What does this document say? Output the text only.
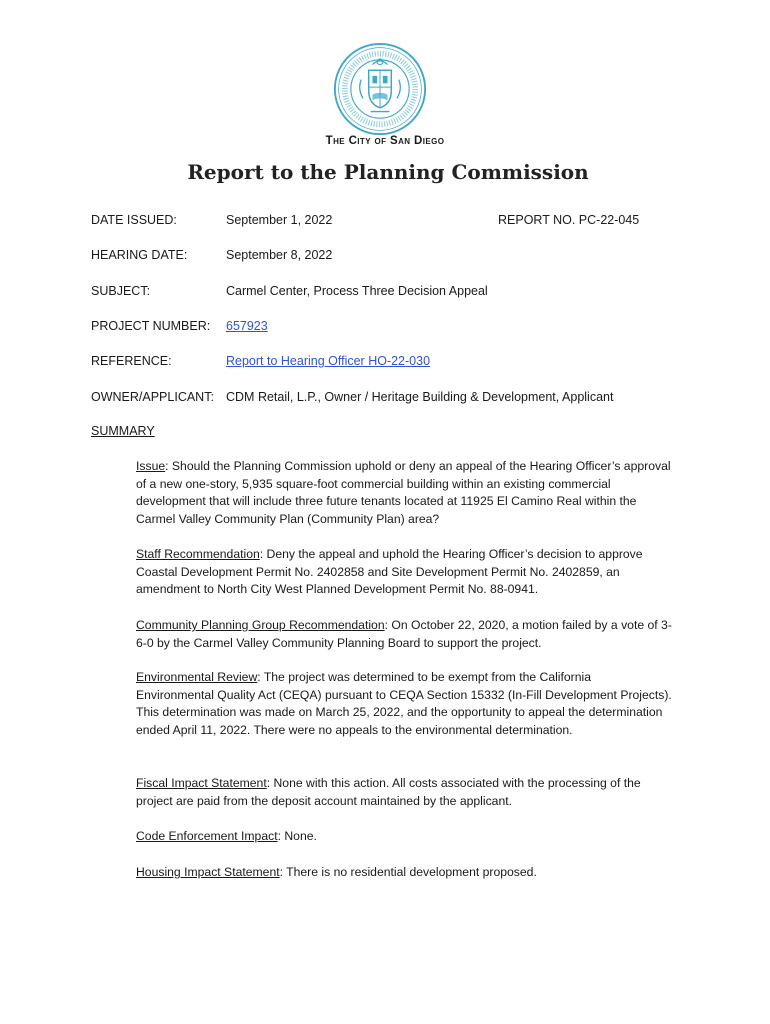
The City of San Diego
Report to the Planning Commission
DATE ISSUED:	September 1, 2022	REPORT NO. PC-22-045
HEARING DATE:	September 8, 2022
SUBJECT:	Carmel Center, Process Three Decision Appeal
PROJECT NUMBER: 657923
REFERENCE:	Report to Hearing Officer HO-22-030
OWNER/APPLICANT: CDM Retail, L.P., Owner / Heritage Building & Development, Applicant
SUMMARY
Issue: Should the Planning Commission uphold or deny an appeal of the Hearing Officer’s approval of a new one-story, 5,935 square-foot commercial building within an existing commercial development that will include three future tenants located at 11925 El Camino Real within the Carmel Valley Community Plan (Community Plan) area?
Staff Recommendation: Deny the appeal and uphold the Hearing Officer’s decision to approve Coastal Development Permit No. 2402858 and Site Development Permit No. 2402859, an amendment to North City West Planned Development Permit No. 88-0941.
Community Planning Group Recommendation: On October 22, 2020, a motion failed by a vote of 3-6-0 by the Carmel Valley Community Planning Board to support the project.
Environmental Review: The project was determined to be exempt from the California Environmental Quality Act (CEQA) pursuant to CEQA Section 15332 (In-Fill Development Projects). This determination was made on March 25, 2022, and the opportunity to appeal the determination ended April 11, 2022. There were no appeals to the environmental determination.
Fiscal Impact Statement: None with this action. All costs associated with the processing of the project are paid from the deposit account maintained by the applicant.
Code Enforcement Impact: None.
Housing Impact Statement: There is no residential development proposed.
